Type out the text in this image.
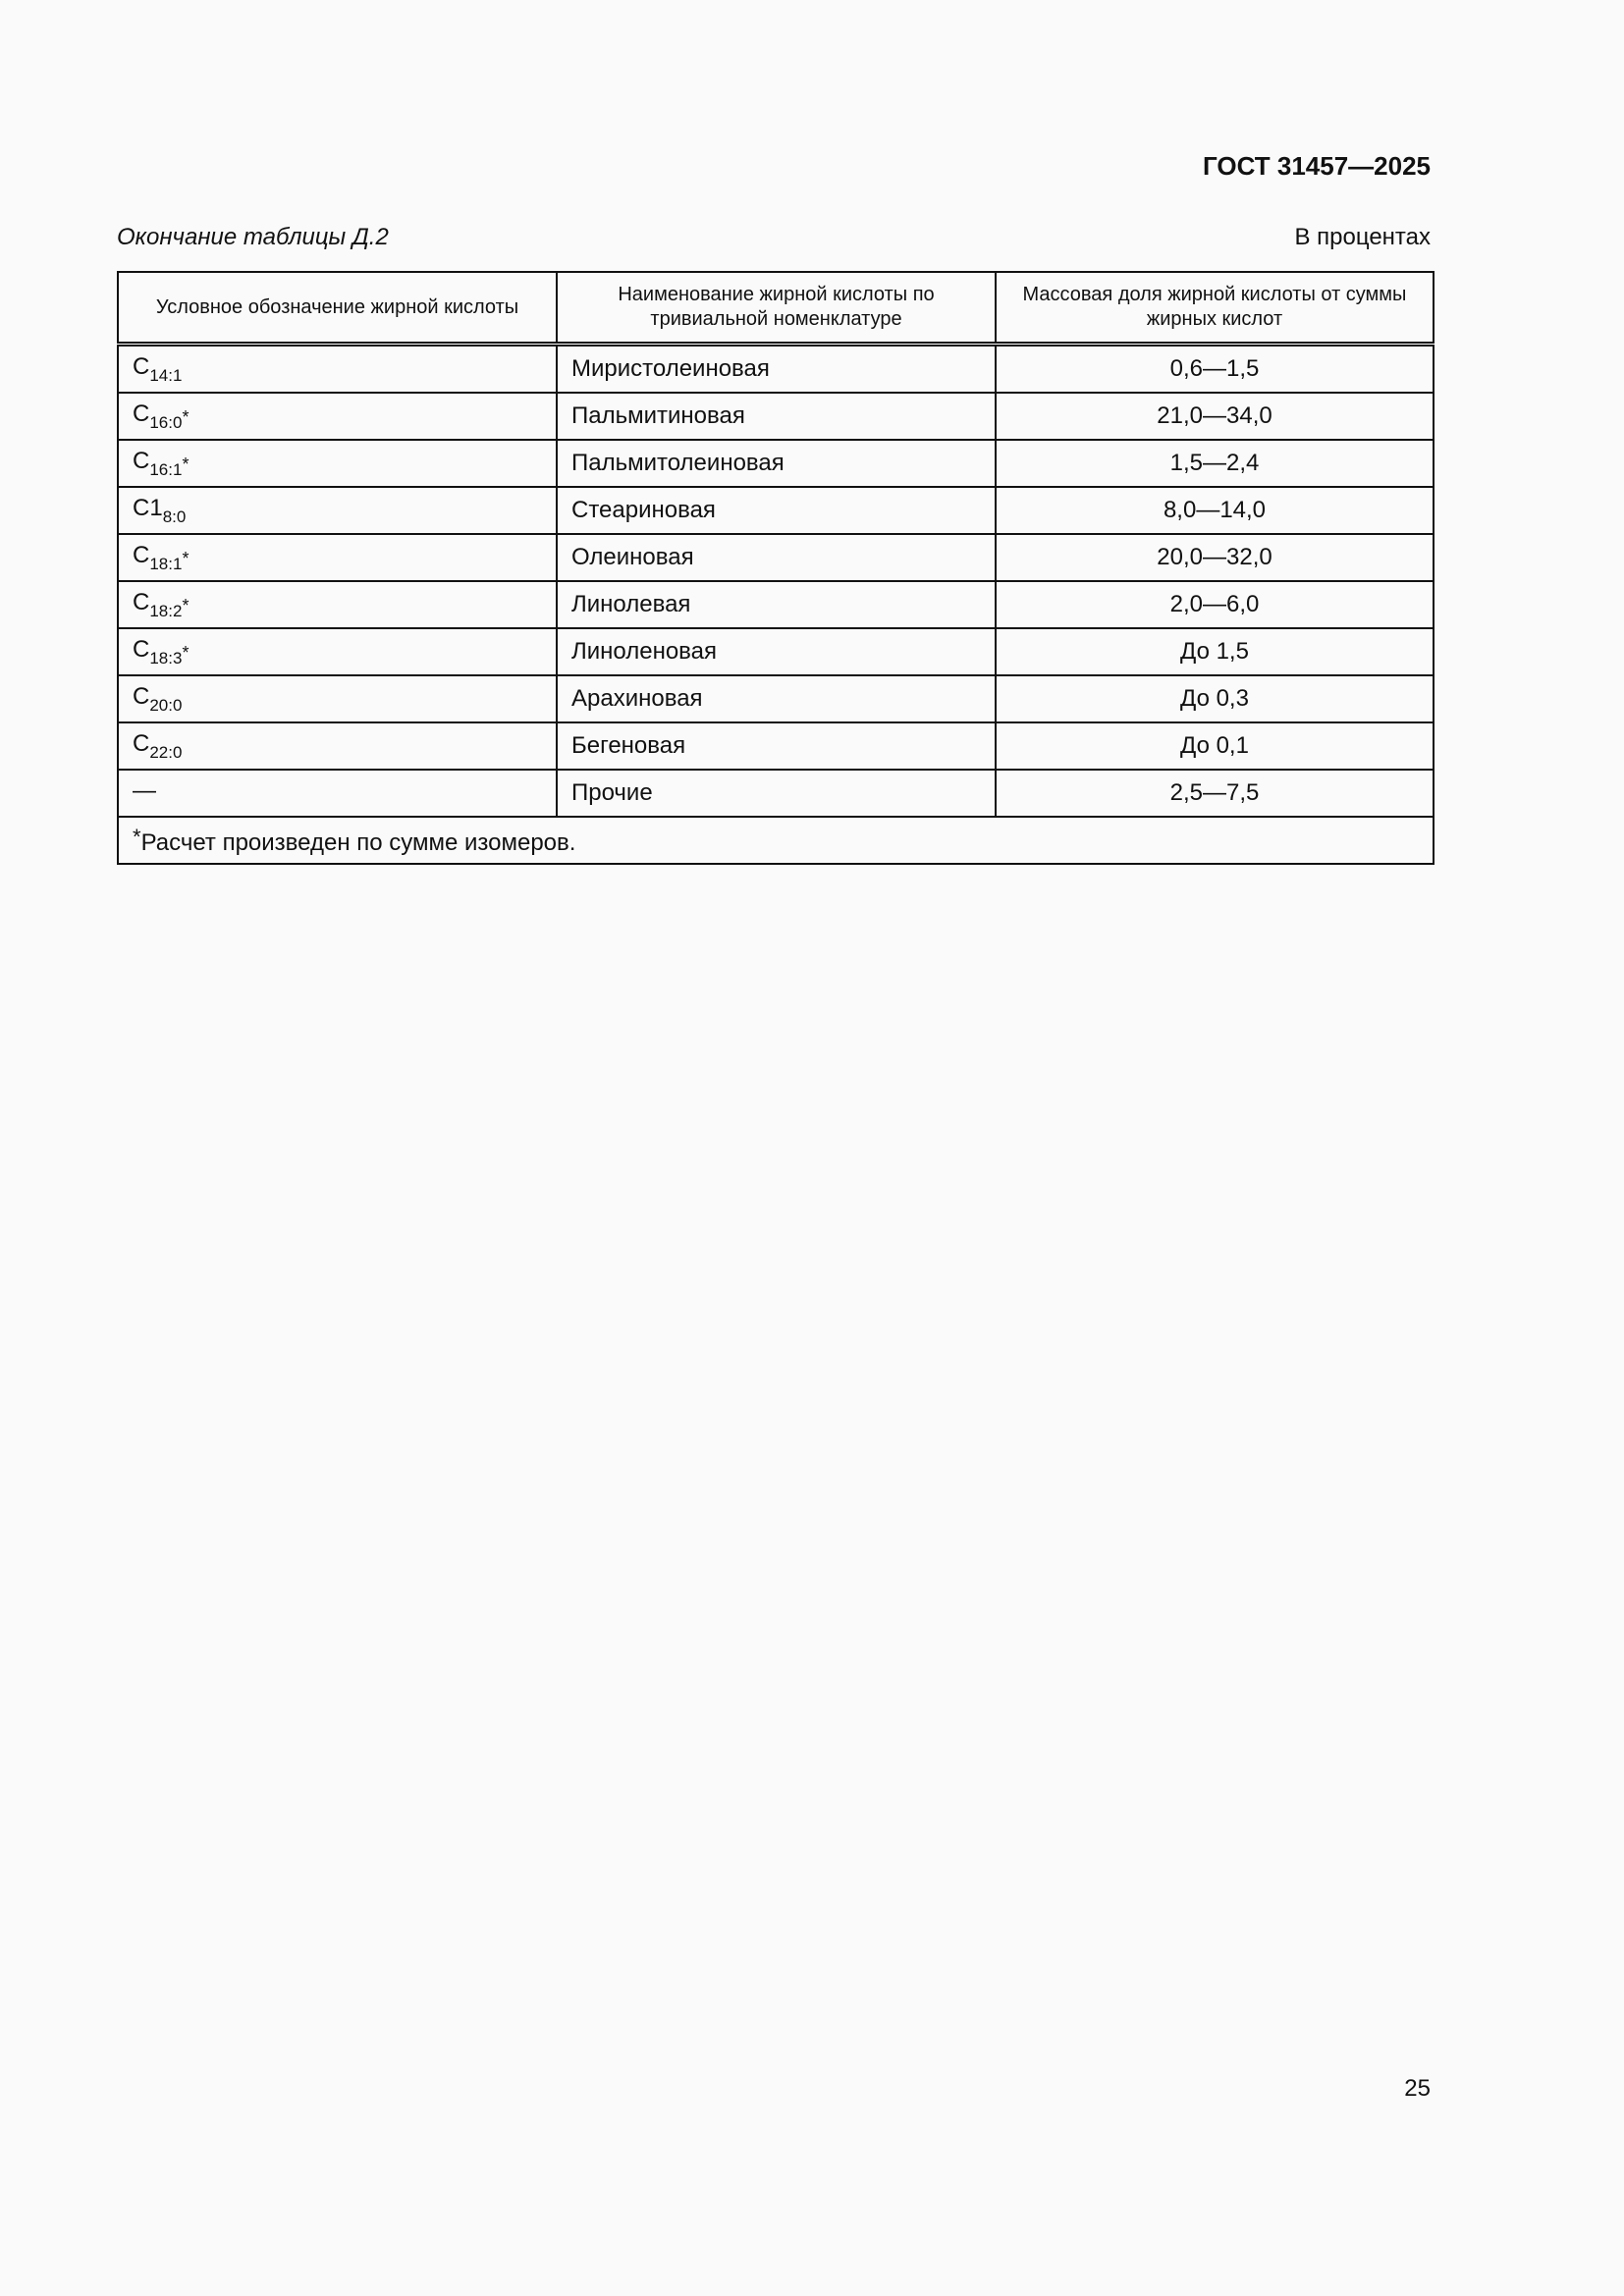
ГОСТ 31457—2025
Окончание таблицы Д.2	В процентах
Условное обозначение жирной кислоты	Наименование жирной кислоты по тривиальной номенклатуре	Массовая доля жирной кислоты от суммы жирных кислот
$C_{14:1}$	Миристолеиновая	0,6—1,5
$C_{16:0}*$	Пальмитиновая	21,0—34,0
$C_{16:1}*$	Пальмитолеиновая	1,5—2,4
$C1_{8:0}$	Стеариновая	8,0—14,0
$C_{18:1}*$	Олеиновая	20,0—32,0
$C_{18:2}*$	Линолевая	2,0—6,0
$C_{18:3}*$	Линоленовая	До 1,5
$C_{20:0}$	Арахиновая	До 0,3
$C_{22:0}$	Бегеновая	До 0,1
—	Прочие	2,5—7,5
*Расчет произведен по сумме изомеров.		
25
